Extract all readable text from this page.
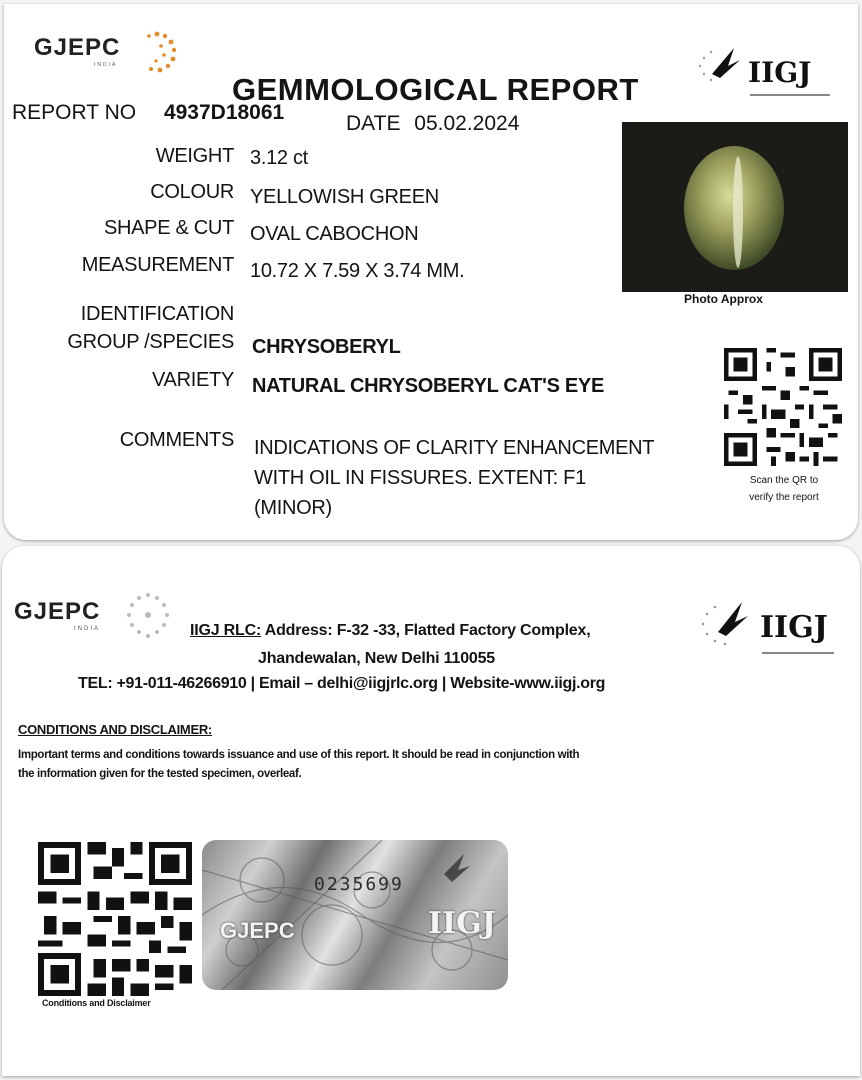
GJEPC
INDIA	IIGJ
GEMMOLOGICAL REPORT
REPORT NO 4937D18061	DATE 05.02.2024
WEIGHT 3.12 ct
COLOUR YELLOWISH GREEN
SHAPE & CUT OVAL CABOCHON
MEASUREMENT 10.72 X 7.59 X 3.74 MM.
IDENTIFICATION
GROUP /SPECIES CHRYSOBERYL
VARIETY NATURAL CHRYSOBERYL CAT'S EYE
COMMENTS INDICATIONS OF CLARITY ENHANCEMENT
WITH OIL IN FISSURES. EXTENT: F1
(MINOR)
Photo Approx
Scan the QR to
verify the report
GJEPC
INDIA	IIGJ
IIGJ RLC: Address: F-32 -33, Flatted Factory Complex,
Jhandewalan, New Delhi 110055
TEL: +91-011-46266910 | Email – delhi@iigjrlc.org | Website-www.iigj.org
CONDITIONS AND DISCLAIMER:
Important terms and conditions towards issuance and use of this report. It should be read in conjunction with
the information given for the tested specimen, overleaf.
Conditions and Disclaimer
0235699
IIGJ
GJEPC
